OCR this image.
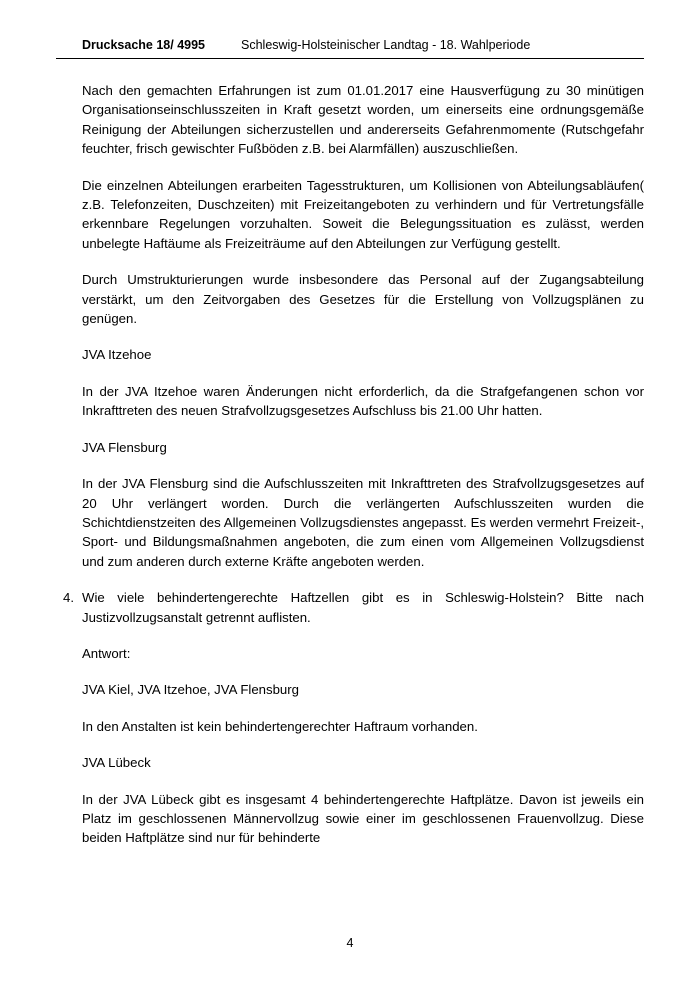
Drucksache 18/ 4995	Schleswig-Holsteinischer Landtag - 18. Wahlperiode

Nach den gemachten Erfahrungen ist zum 01.01.2017 eine Hausverfügung zu 30 minütigen Organisationseinschlusszeiten in Kraft gesetzt worden, um einerseits eine ordnungsgemäße Reinigung der Abteilungen sicherzustellen und andererseits Gefahrenmomente (Rutschgefahr feuchter, frisch gewischter Fußböden z.B. bei Alarmfällen) auszuschließen.

Die einzelnen Abteilungen erarbeiten Tagesstrukturen, um Kollisionen von Abteilungsabläufen( z.B. Telefonzeiten, Duschzeiten) mit Freizeitangeboten zu verhindern und für Vertretungsfälle erkennbare Regelungen vorzuhalten. Soweit die Belegungssituation es zulässt, werden unbelegte Haftäume als Freizeiträume auf den Abteilungen zur Verfügung gestellt.

Durch Umstrukturierungen wurde insbesondere das Personal auf der Zugangsabteilung verstärkt, um den Zeitvorgaben des Gesetzes für die Erstellung von Vollzugsplänen zu genügen.

JVA Itzehoe

In der JVA Itzehoe waren Änderungen nicht erforderlich, da die Strafgefangenen schon vor Inkrafttreten des neuen Strafvollzugsgesetzes Aufschluss bis 21.00 Uhr hatten.

JVA Flensburg

In der JVA Flensburg sind die Aufschlusszeiten mit Inkrafttreten des Strafvollzugsgesetzes auf 20 Uhr verlängert worden. Durch die verlängerten Aufschlusszeiten wurden die Schichtdienstzeiten des Allgemeinen Vollzugsdienstes angepasst. Es werden vermehrt Freizeit-, Sport- und Bildungsmaßnahmen angeboten, die zum einen vom Allgemeinen Vollzugsdienst und zum anderen durch externe Kräfte angeboten werden.

4. Wie viele behindertengerechte Haftzellen gibt es in Schleswig-Holstein? Bitte nach Justizvollzugsanstalt getrennt auflisten.

Antwort:

JVA Kiel, JVA Itzehoe, JVA Flensburg

In den Anstalten ist kein behindertengerechter Haftraum vorhanden.

JVA Lübeck

In der JVA Lübeck gibt es insgesamt 4 behindertengerechte Haftplätze. Davon ist jeweils ein Platz im geschlossenen Männervollzug sowie einer im geschlossenen Frauenvollzug. Diese beiden Haftplätze sind nur für behinderte

4
